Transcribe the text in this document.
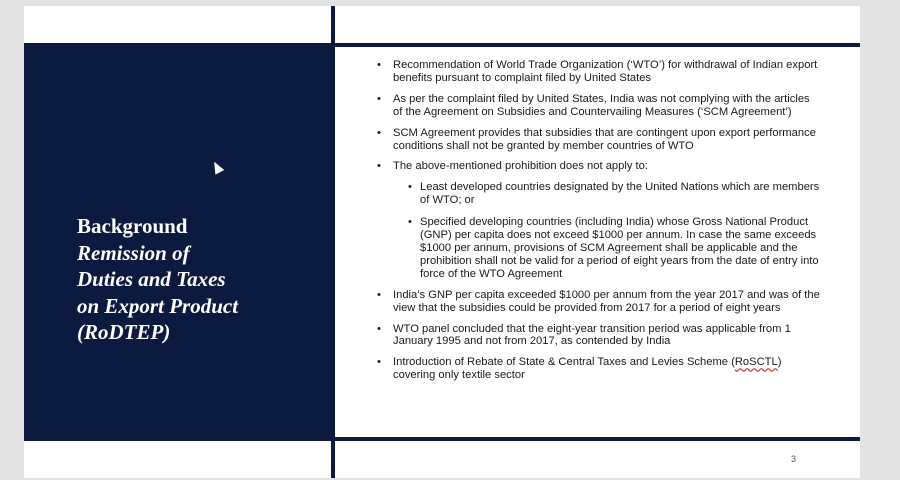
Background
Remission of
Duties and Taxes
on Export Product
(RoDTEP)
• Recommendation of World Trade Organization (‘WTO’) for withdrawal of Indian export benefits pursuant to complaint filed by United States
• As per the complaint filed by United States, India was not complying with the articles of the Agreement on Subsidies and Countervailing Measures (‘SCM Agreement’)
• SCM Agreement provides that subsidies that are contingent upon export performance conditions shall not be granted by member countries of WTO
• The above-mentioned prohibition does not apply to:
• Least developed countries designated by the United Nations which are members of WTO; or
• Specified developing countries (including India) whose Gross National Product (GNP) per capita does not exceed $1000 per annum. In case the same exceeds $1000 per annum, provisions of SCM Agreement shall be applicable and the prohibition shall not be valid for a period of eight years from the date of entry into force of the WTO Agreement
• India’s GNP per capita exceeded $1000 per annum from the year 2017 and was of the view that the subsidies could be provided from 2017 for a period of eight years
• WTO panel concluded that the eight-year transition period was applicable from 1 January 1995 and not from 2017, as contended by India
• Introduction of Rebate of State & Central Taxes and Levies Scheme (RoSCTL) covering only textile sector
3
